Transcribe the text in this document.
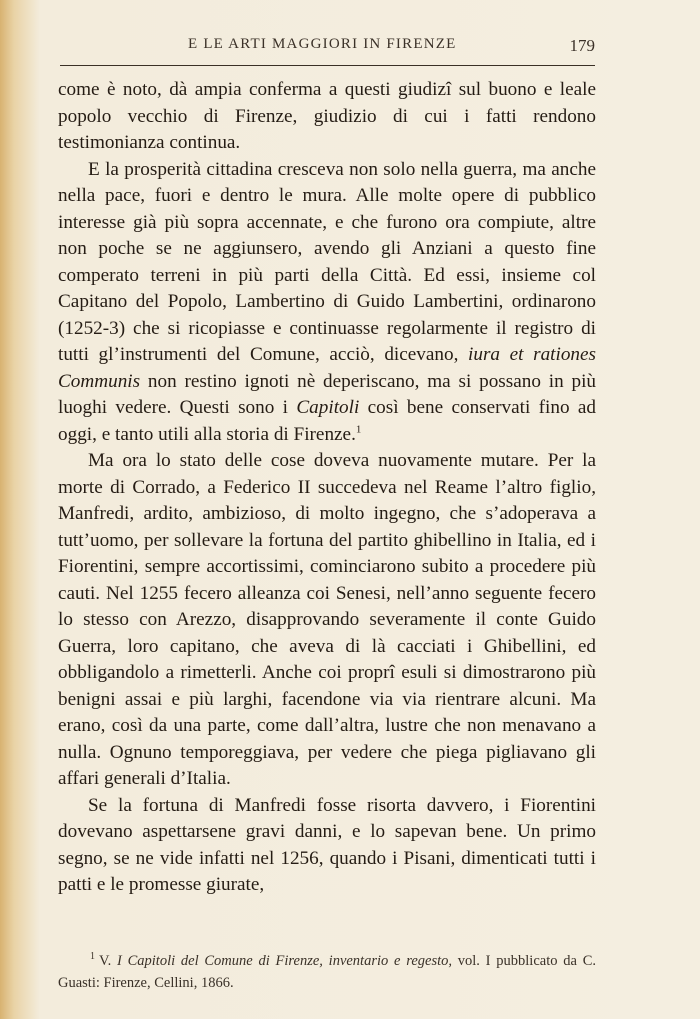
E LE ARTI MAGGIORI IN FIRENZE	179

come è noto, dà ampia conferma a questi giudizî sul buono e leale popolo vecchio di Firenze, giudizio di cui i fatti rendono testimonianza continua.

E la prosperità cittadina cresceva non solo nella guerra, ma anche nella pace, fuori e dentro le mura. Alle molte opere di pubblico interesse già più sopra accennate, e che furono ora compiute, altre non poche se ne aggiunsero, avendo gli Anziani a questo fine comperato terreni in più parti della Città. Ed essi, insieme col Capitano del Popolo, Lambertino di Guido Lambertini, ordinarono (1252-3) che si ricopiasse e continuasse regolarmente il registro di tutti gl’instrumenti del Comune, acciò, dicevano, iura et rationes Communis non restino ignoti nè deperiscano, ma si possano in più luoghi vedere. Questi sono i Capitoli così bene conservati fino ad oggi, e tanto utili alla storia di Firenze.$^1$

Ma ora lo stato delle cose doveva nuovamente mutare. Per la morte di Corrado, a Federico II succedeva nel Reame l’altro figlio, Manfredi, ardito, ambizioso, di molto ingegno, che s’adoperava a tutt’uomo, per sollevare la fortuna del partito ghibellino in Italia, ed i Fiorentini, sempre accortissimi, cominciarono subito a procedere più cauti. Nel 1255 fecero alleanza coi Senesi, nell’anno seguente fecero lo stesso con Arezzo, disapprovando severamente il conte Guido Guerra, loro capitano, che aveva di là cacciati i Ghibellini, ed obbligandolo a rimetterli. Anche coi proprî esuli si dimostrarono più benigni assai e più larghi, facendone via via rientrare alcuni. Ma erano, così da una parte, come dall’altra, lustre che non menavano a nulla. Ognuno temporeggiava, per vedere che piega pigliavano gli affari generali d’Italia.

Se la fortuna di Manfredi fosse risorta davvero, i Fiorentini dovevano aspettarsene gravi danni, e lo sapevan bene. Un primo segno, se ne vide infatti nel 1256, quando i Pisani, dimenticati tutti i patti e le promesse giurate,

$^1$ V. I Capitoli del Comune di Firenze, inventario e regesto, vol. I pubblicato da C. Guasti: Firenze, Cellini, 1866.
